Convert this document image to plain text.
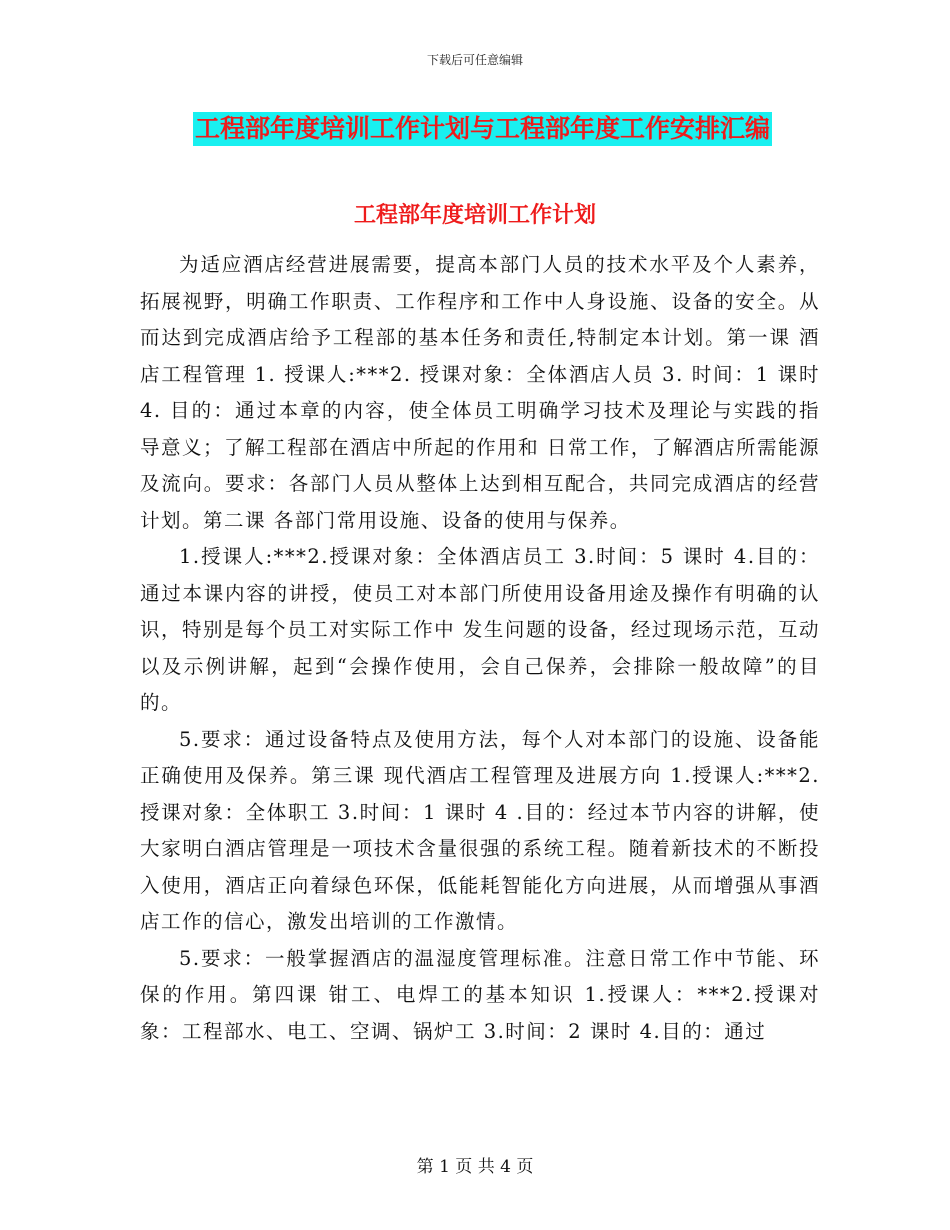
下载后可任意编辑
工程部年度培训工作计划与工程部年度工作安排汇编
工程部年度培训工作计划

为适应酒店经营进展需要，提高本部门人员的技术水平及个人素养，拓展视野，明确工作职责、工作程序和工作中人身设施、设备的安全。从而达到完成酒店给予工程部的基本任务和责任,特制定本计划。第一课 酒店工程管理 1. 授课人:***2. 授课对象：全体酒店人员 3. 时间：1 课时 4. 目的：通过本章的内容，使全体员工明确学习技术及理论与实践的指导意义；了解工程部在酒店中所起的作用和 日常工作，了解酒店所需能源及流向。要求：各部门人员从整体上达到相互配合，共同完成酒店的经营计划。第二课 各部门常用设施、设备的使用与保养。

1.授课人:***2.授课对象：全体酒店员工 3.时间：5 课时 4.目的：通过本课内容的讲授，使员工对本部门所使用设备用途及操作有明确的认识，特别是每个员工对实际工作中 发生问题的设备，经过现场示范，互动以及示例讲解，起到“会操作使用，会自己保养，会排除一般故障”的目的。

5.要求：通过设备特点及使用方法，每个人对本部门的设施、设备能正确使用及保养。第三课 现代酒店工程管理及进展方向 1.授课人:***2.授课对象：全体职工 3.时间：1 课时 4 .目的：经过本节内容的讲解，使大家明白酒店管理是一项技术含量很强的系统工程。随着新技术的不断投入使用，酒店正向着绿色环保，低能耗智能化方向进展，从而增强从事酒店工作的信心，激发出培训的工作激情。

5.要求：一般掌握酒店的温湿度管理标准。注意日常工作中节能、环保的作用。第四课 钳工、电焊工的基本知识 1.授课人：***2.授课对象：工程部水、电工、空调、锅炉工 3.时间：2 课时 4.目的：通过

第 1 页 共 4 页
